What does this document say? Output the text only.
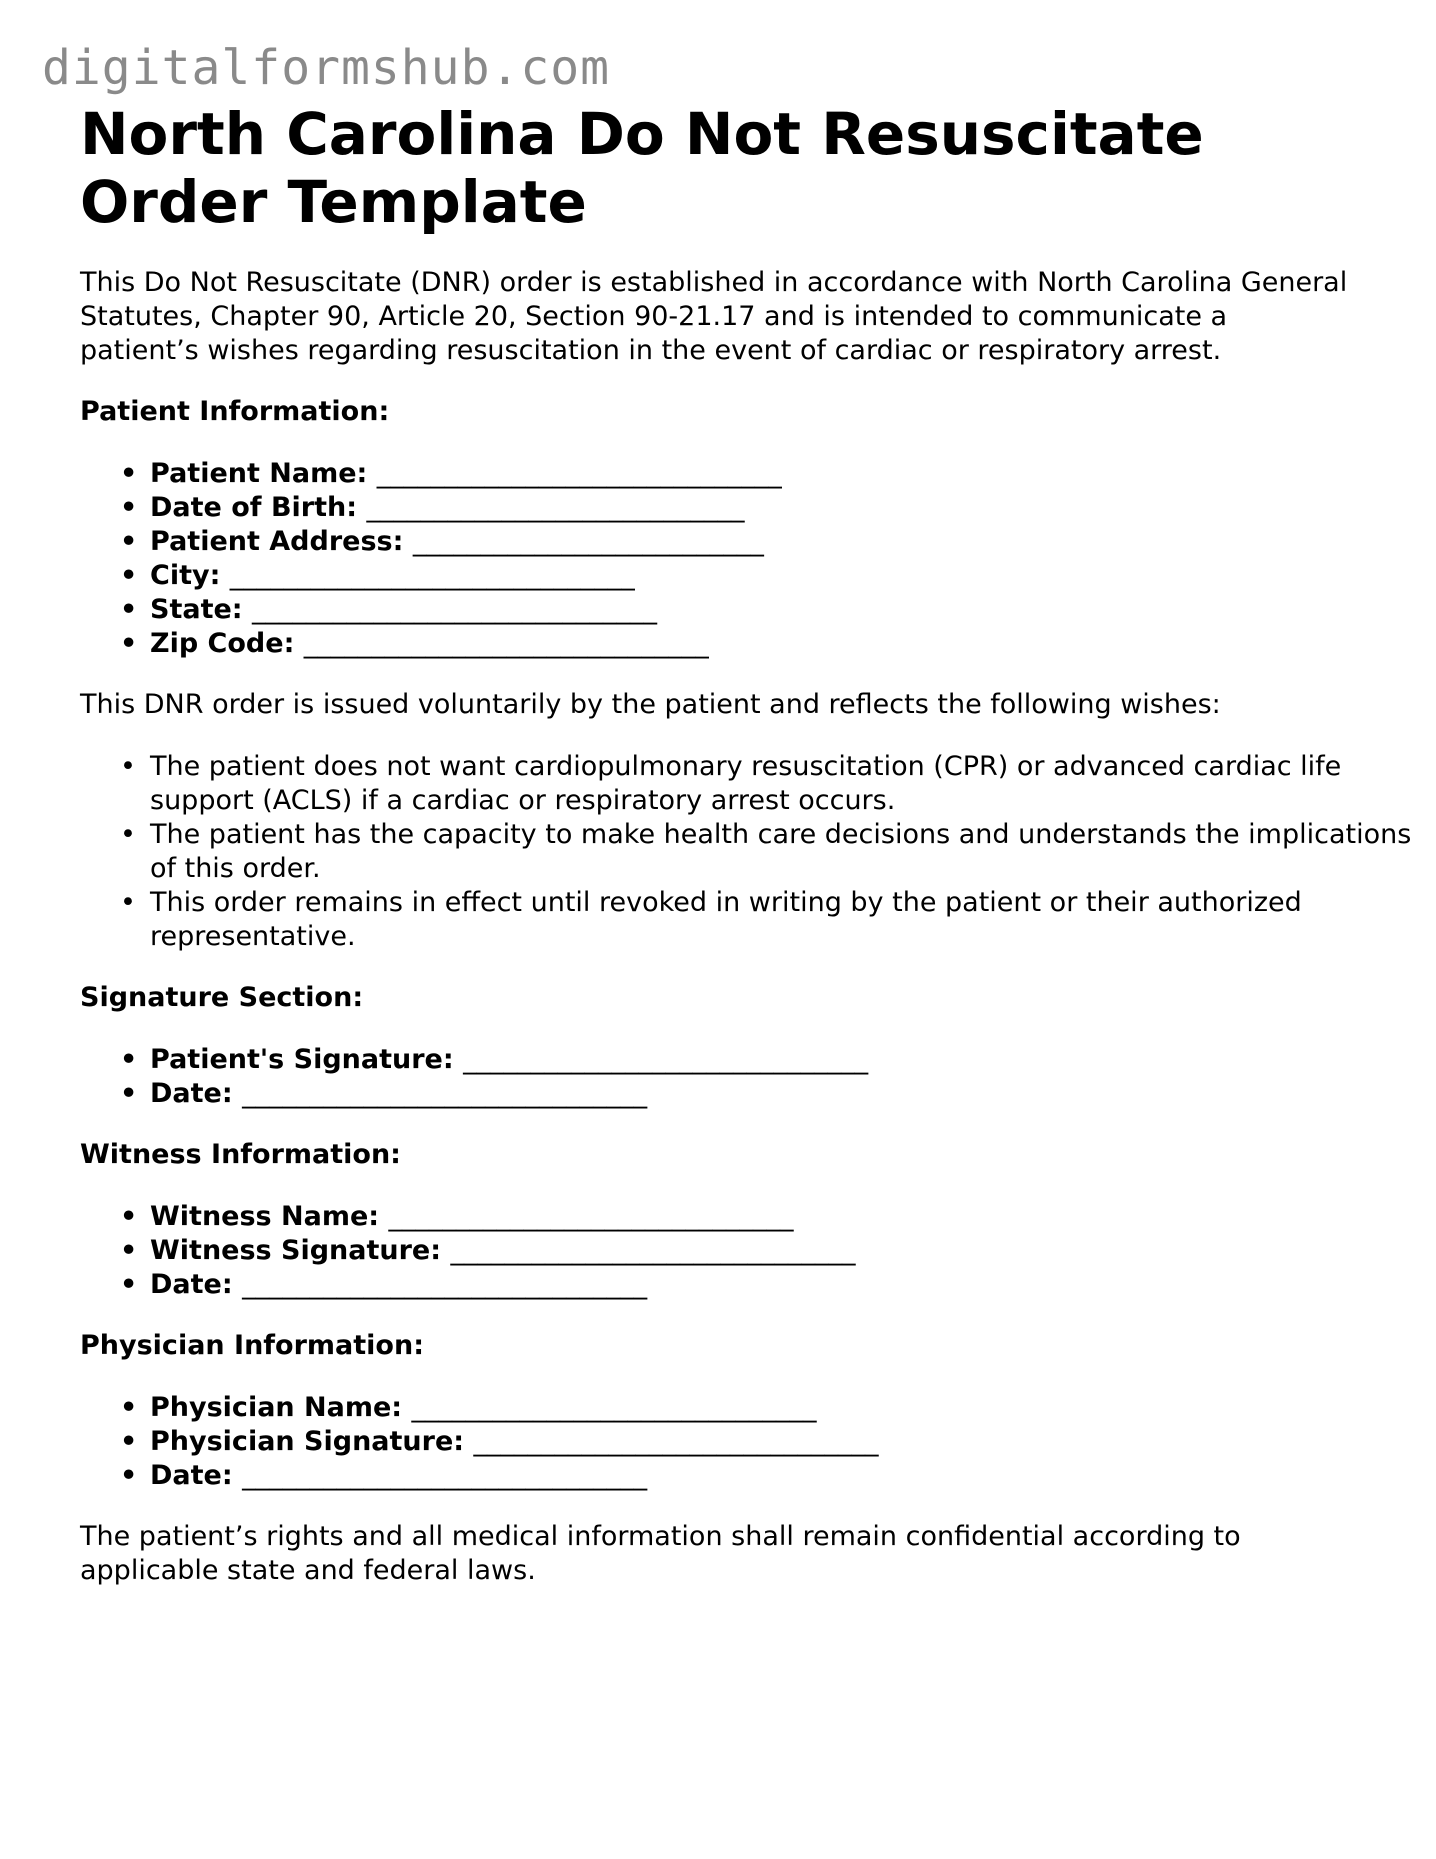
digitalformshub.com
North Carolina Do Not Resuscitate Order Template

This Do Not Resuscitate (DNR) order is established in accordance with North Carolina General Statutes, Chapter 90, Article 20, Section 90-21.17 and is intended to communicate a patient’s wishes regarding resuscitation in the event of cardiac or respiratory arrest.

Patient Information:
• Patient Name: ______________________________
• Date of Birth: ____________________________
• Patient Address: __________________________
• City: ______________________________
• State: ______________________________
• Zip Code: ______________________________

This DNR order is issued voluntarily by the patient and reflects the following wishes:

• The patient does not want cardiopulmonary resuscitation (CPR) or advanced cardiac life support (ACLS) if a cardiac or respiratory arrest occurs.
• The patient has the capacity to make health care decisions and understands the implications of this order.
• This order remains in effect until revoked in writing by the patient or their authorized representative.
Signature Section:
• Patient's Signature: ______________________________
• Date: ______________________________
Witness Information:
• Witness Name: ______________________________
• Witness Signature: ______________________________
• Date: ______________________________
Physician Information:
• Physician Name: ______________________________
• Physician Signature: ______________________________
• Date: ______________________________

The patient’s rights and all medical information shall remain confidential according to applicable state and federal laws.
